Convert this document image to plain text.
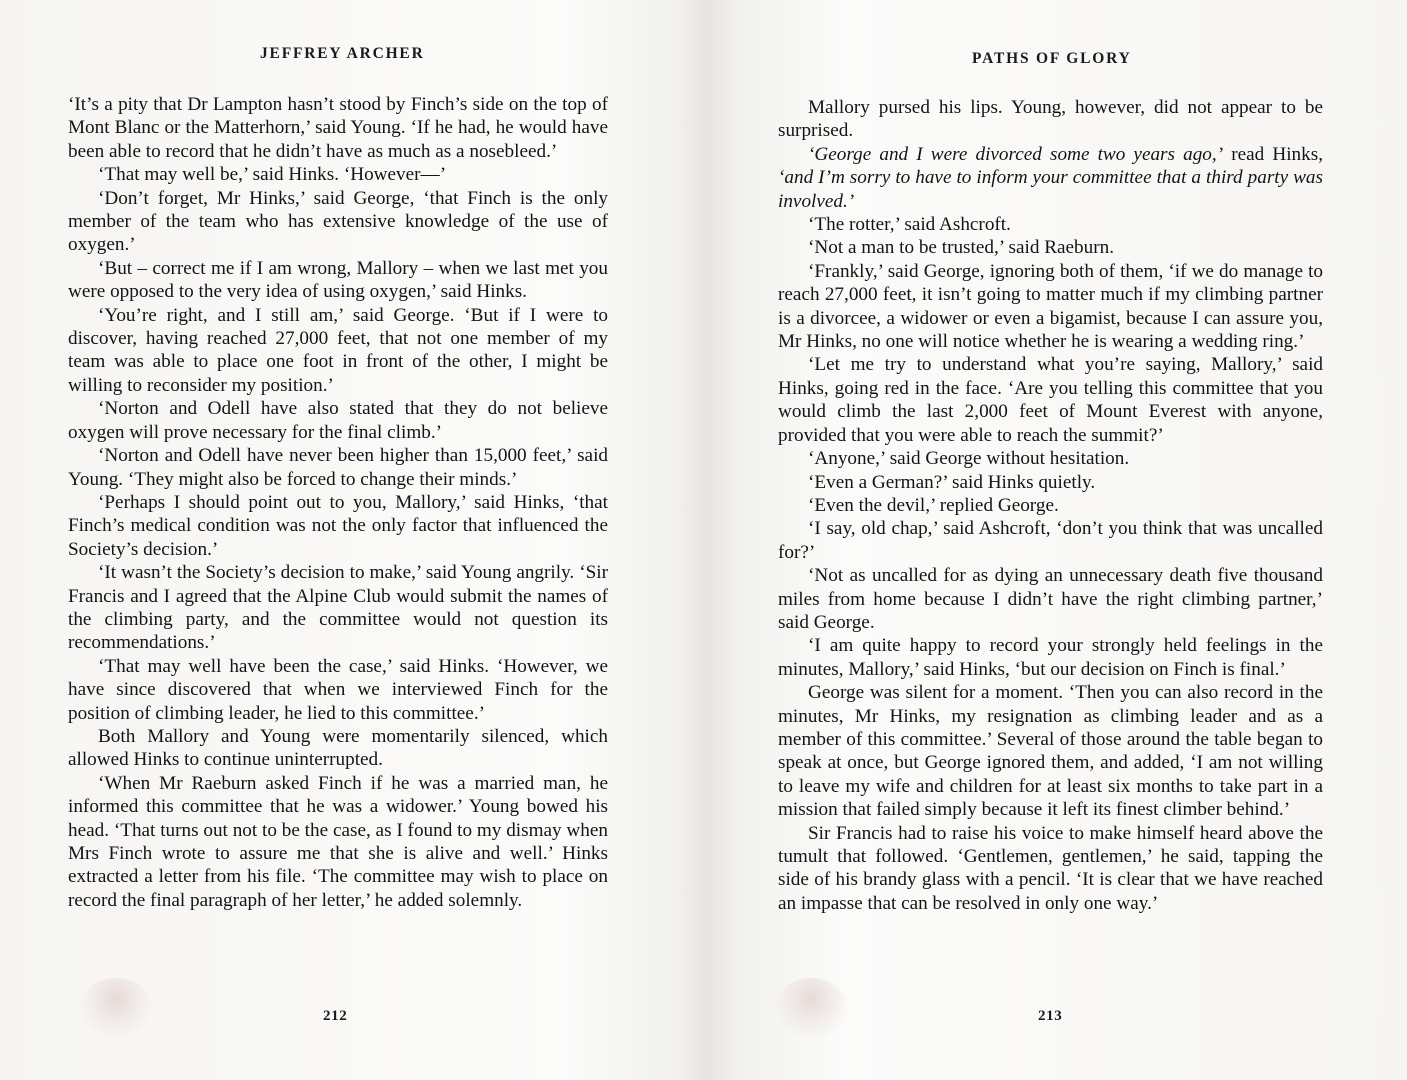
JEFFREY ARCHER

‘It’s a pity that Dr Lampton hasn’t stood by Finch’s side on the top of Mont Blanc or the Matterhorn,’ said Young. ‘If he had, he would have been able to record that he didn’t have as much as a nosebleed.’

‘That may well be,’ said Hinks. ‘However—’

‘Don’t forget, Mr Hinks,’ said George, ‘that Finch is the only member of the team who has extensive knowledge of the use of oxygen.’

‘But – correct me if I am wrong, Mallory – when we last met you were opposed to the very idea of using oxygen,’ said Hinks.

‘You’re right, and I still am,’ said George. ‘But if I were to discover, having reached 27,000 feet, that not one member of my team was able to place one foot in front of the other, I might be willing to reconsider my position.’

‘Norton and Odell have also stated that they do not believe oxygen will prove necessary for the final climb.’

‘Norton and Odell have never been higher than 15,000 feet,’ said Young. ‘They might also be forced to change their minds.’

‘Perhaps I should point out to you, Mallory,’ said Hinks, ‘that Finch’s medical condition was not the only factor that influenced the Society’s decision.’

‘It wasn’t the Society’s decision to make,’ said Young angrily. ‘Sir Francis and I agreed that the Alpine Club would submit the names of the climbing party, and the committee would not question its recommendations.’

‘That may well have been the case,’ said Hinks. ‘However, we have since discovered that when we interviewed Finch for the position of climbing leader, he lied to this committee.’

Both Mallory and Young were momentarily silenced, which allowed Hinks to continue uninterrupted.

‘When Mr Raeburn asked Finch if he was a married man, he informed this committee that he was a widower.’ Young bowed his head. ‘That turns out not to be the case, as I found to my dismay when Mrs Finch wrote to assure me that she is alive and well.’ Hinks extracted a letter from his file. ‘The committee may wish to place on record the final paragraph of her letter,’ he added solemnly.

212
PATHS OF GLORY

Mallory pursed his lips. Young, however, did not appear to be surprised.

‘George and I were divorced some two years ago,’ read Hinks, ‘and I’m sorry to have to inform your committee that a third party was involved.’

‘The rotter,’ said Ashcroft.

‘Not a man to be trusted,’ said Raeburn.

‘Frankly,’ said George, ignoring both of them, ‘if we do manage to reach 27,000 feet, it isn’t going to matter much if my climbing partner is a divorcee, a widower or even a bigamist, because I can assure you, Mr Hinks, no one will notice whether he is wearing a wedding ring.’

‘Let me try to understand what you’re saying, Mallory,’ said Hinks, going red in the face. ‘Are you telling this committee that you would climb the last 2,000 feet of Mount Everest with anyone, provided that you were able to reach the summit?’

‘Anyone,’ said George without hesitation.

‘Even a German?’ said Hinks quietly.

‘Even the devil,’ replied George.

‘I say, old chap,’ said Ashcroft, ‘don’t you think that was uncalled for?’

‘Not as uncalled for as dying an unnecessary death five thousand miles from home because I didn’t have the right climbing partner,’ said George.

‘I am quite happy to record your strongly held feelings in the minutes, Mallory,’ said Hinks, ‘but our decision on Finch is final.’

George was silent for a moment. ‘Then you can also record in the minutes, Mr Hinks, my resignation as climbing leader and as a member of this committee.’ Several of those around the table began to speak at once, but George ignored them, and added, ‘I am not willing to leave my wife and children for at least six months to take part in a mission that failed simply because it left its finest climber behind.’

Sir Francis had to raise his voice to make himself heard above the tumult that followed. ‘Gentlemen, gentlemen,’ he said, tapping the side of his brandy glass with a pencil. ‘It is clear that we have reached an impasse that can be resolved in only one way.’

213
